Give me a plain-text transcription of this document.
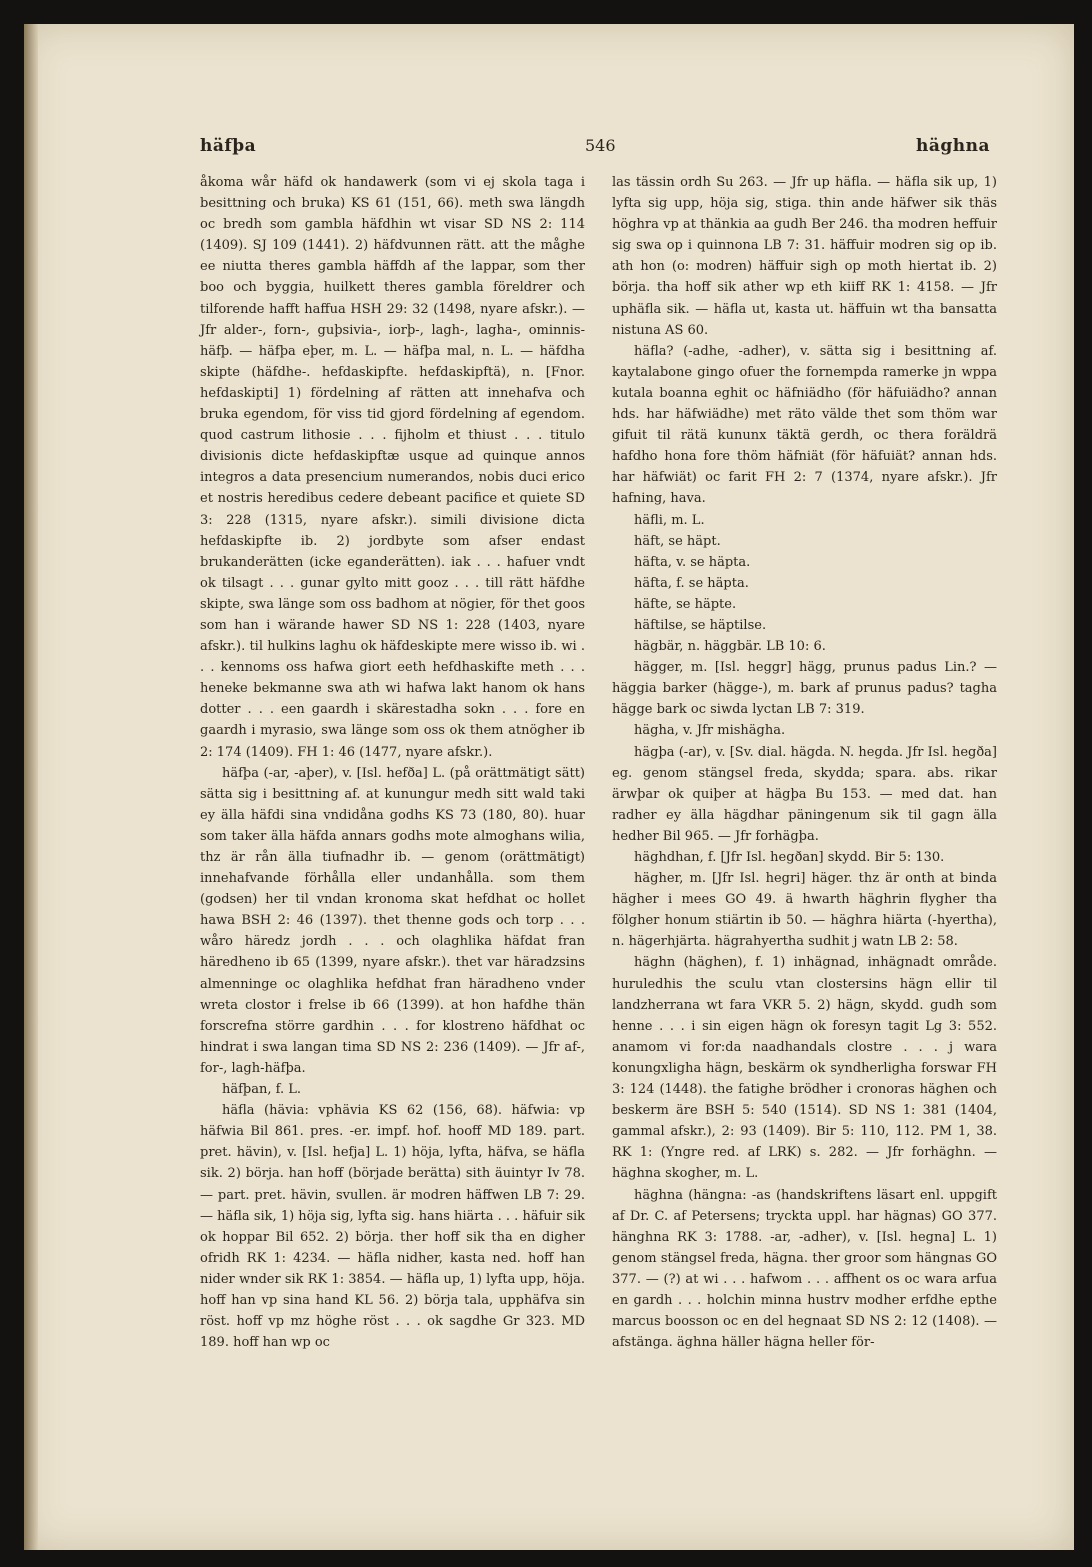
häfþa	546	häghna

åkoma wår häfd ok handawerk (som vi ej skola taga i besittning och bruka) KS 61 (151, 66). meth swa längdh oc bredh som gambla häfdhin wt visar SD NS 2: 114 (1409). SJ 109 (1441). 2) häfdvunnen rätt. att the måghe ee niutta theres gambla häffdh af the lappar, som ther boo och byggia, huilkett theres gambla föreldrer och tilforende hafft haffua HSH 29: 32 (1498, nyare afskr.). — Jfr alder-, forn-, guþsivia-, iorþ-, lagh-, lagha-, ominnis-häfþ. — häfþa eþer, m. L. — häfþa mal, n. L. — häfdha skipte (häfdhe-. hefdaskipfte. hefdaskipftä), n. [Fnor. hefdaskipti] 1) fördelning af rätten att innehafva och bruka egendom, för viss tid gjord fördelning af egendom. quod castrum lithosie . . . fijholm et thiust . . . titulo divisionis dicte hefdaskipftæ usque ad quinque annos integros a data presencium numerandos, nobis duci erico et nostris heredibus cedere debeant pacifice et quiete SD 3: 228 (1315, nyare afskr.). simili divisione dicta hefdaskipfte ib. 2) jordbyte som afser endast brukanderätten (icke eganderätten). iak . . . hafuer vndt ok tilsagt . . . gunar gylto mitt gooz . . . till rätt häfdhe skipte, swa länge som oss badhom at nögier, för thet goos som han i wärande hawer SD NS 1: 228 (1403, nyare afskr.). til hulkins laghu ok häfdeskipte mere wisso ib. wi . . . kennoms oss hafwa giort eeth hefdhaskifte meth . . . heneke bekmanne swa ath wi hafwa lakt hanom ok hans dotter . . . een gaardh i skärestadha sokn . . . fore en gaardh i myrasio, swa länge som oss ok them atnögher ib 2: 174 (1409). FH 1: 46 (1477, nyare afskr.).

häfþa (-ar, -aþer), v. [Isl. hefða] L. (på orättmätigt sätt) sätta sig i besittning af. at kunungur medh sitt wald taki ey älla häfdi sina vndidåna godhs KS 73 (180, 80). huar som taker älla häfda annars godhs mote almoghans wilia, thz är rån älla tiufnadhr ib. — genom (orättmätigt) innehafvande förhålla eller undanhålla. som them (godsen) her til vndan kronoma skat hefdhat oc hollet hawa BSH 2: 46 (1397). thet thenne gods och torp . . . wåro häredz jordh . . . och olaghlika häfdat fran häredheno ib 65 (1399, nyare afskr.). thet var häradzsins almenninge oc olaghlika hefdhat fran häradheno vnder wreta clostor i frelse ib 66 (1399). at hon hafdhe thän forscrefna större gardhin . . . for klostreno häfdhat oc hindrat i swa langan tima SD NS 2: 236 (1409). — Jfr af-, for-, lagh-häfþa.

häfþan, f. L.

häfla (hävia: vphävia KS 62 (156, 68). häfwia: vp häfwia Bil 861. pres. -er. impf. hof. hooff MD 189. part. pret. hävin), v. [Isl. hefja] L. 1) höja, lyfta, häfva, se häfla sik. 2) börja. han hoff (började berätta) sith äuintyr Iv 78. — part. pret. hävin, svullen. är modren häffwen LB 7: 29. — häfla sik, 1) höja sig, lyfta sig. hans hiärta . . . häfuir sik ok hoppar Bil 652. 2) börja. ther hoff sik tha en digher ofridh RK 1: 4234. — häfla nidher, kasta ned. hoff han nider wnder sik RK 1: 3854. — häfla up, 1) lyfta upp, höja. hoff han vp sina hand KL 56. 2) börja tala, upphäfva sin röst. hoff vp mz höghe röst . . . ok sagdhe Gr 323. MD 189. hoff han wp oc

las tässin ordh Su 263. — Jfr up häfla. — häfla sik up, 1) lyfta sig upp, höja sig, stiga. thin ande häfwer sik thäs höghra vp at thänkia aa gudh Ber 246. tha modren heffuir sig swa op i quinnona LB 7: 31. häffuir modren sig op ib. ath hon (o: modren) häffuir sigh op moth hiertat ib. 2) börja. tha hoff sik ather wp eth kiiff RK 1: 4158. — Jfr uphäfla sik. — häfla ut, kasta ut. häffuin wt tha bansatta nistuna AS 60.

häfla? (-adhe, -adher), v. sätta sig i besittning af. kaytalabone gingo ofuer the fornempda ramerke jn wppa kutala boanna eghit oc häfniädho (för häfuiädho? annan hds. har häfwiädhe) met räto välde thet som thöm war gifuit til rätä kununx täktä gerdh, oc thera foräldrä hafdho hona fore thöm häfniät (för häfuiät? annan hds. har häfwiät) oc farit FH 2: 7 (1374, nyare afskr.). Jfr hafning, hava.

häfli, m. L.

häft, se häpt.

häfta, v. se häpta.

häfta, f. se häpta.

häfte, se häpte.

häftilse, se häptilse.

hägbär, n. häggbär. LB 10: 6.

hägger, m. [Isl. heggr] hägg, prunus padus Lin.? — häggia barker (hägge-), m. bark af prunus padus? tagha hägge bark oc siwda lyctan LB 7: 319.

hägha, v. Jfr mishägha.

hägþa (-ar), v. [Sv. dial. hägda. N. hegda. Jfr Isl. hegða] eg. genom stängsel freda, skydda; spara. abs. rikar ärwþar ok quiþer at hägþa Bu 153. — med dat. han radher ey älla hägdhar päningenum sik til gagn älla hedher Bil 965. — Jfr forhägþa.

häghdhan, f. [Jfr Isl. hegðan] skydd. Bir 5: 130.

hägher, m. [Jfr Isl. hegri] häger. thz är onth at binda hägher i mees GO 49. ä hwarth häghrin flygher tha fölgher honum stiärtin ib 50. — häghra hiärta (-hyertha), n. hägerhjärta. hägrahyertha sudhit j watn LB 2: 58.

häghn (häghen), f. 1) inhägnad, inhägnadt område. huruledhis the sculu vtan clostersins hägn ellir til landzherrana wt fara VKR 5. 2) hägn, skydd. gudh som henne . . . i sin eigen hägn ok foresyn tagit Lg 3: 552. anamom vi for:da naadhandals clostre . . . j wara konungxligha hägn, beskärm ok syndherligha forswar FH 3: 124 (1448). the fatighe brödher i cronoras häghen och beskerm äre BSH 5: 540 (1514). SD NS 1: 381 (1404, gammal afskr.), 2: 93 (1409). Bir 5: 110, 112. PM 1, 38. RK 1: (Yngre red. af LRK) s. 282. — Jfr forhäghn. — häghna skogher, m. L.

häghna (hängna: -as (handskriftens läsart enl. uppgift af Dr. C. af Petersens; tryckta uppl. har hägnas) GO 377. hänghna RK 3: 1788. -ar, -adher), v. [Isl. hegna] L. 1) genom stängsel freda, hägna. ther groor som hängnas GO 377. — (?) at wi . . . hafwom . . . affhent os oc wara arfua en gardh . . . holchin minna hustrv modher erfdhe epthe marcus boosson oc en del hegnaat SD NS 2: 12 (1408). — afstänga. äghna häller hägna heller för-
